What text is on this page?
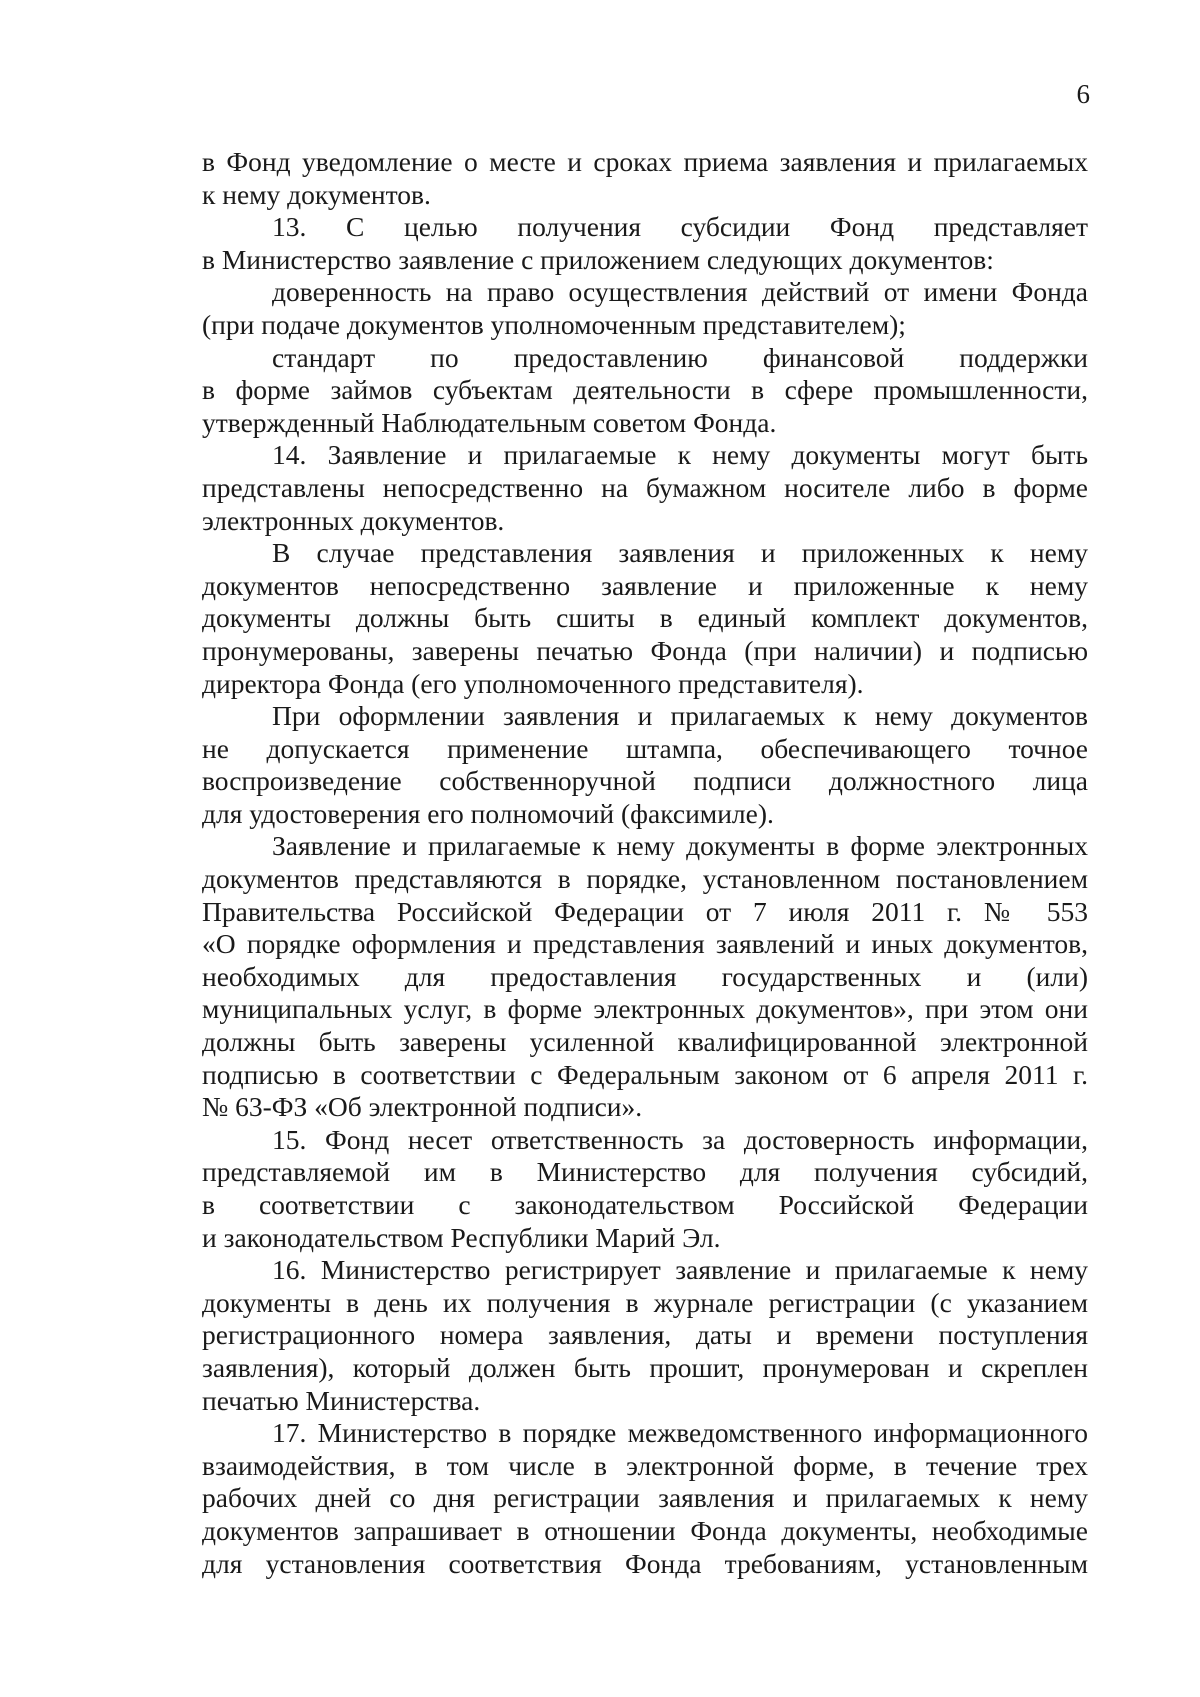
6
в Фонд уведомление о месте и сроках приема заявления и прилагаемых
к нему документов.
13. С целью получения субсидии Фонд представляет
в Министерство заявление с приложением следующих документов:
доверенность на право осуществления действий от имени Фонда
(при подаче документов уполномоченным представителем);
стандарт по предоставлению финансовой поддержки
в форме займов субъектам деятельности в сфере промышленности,
утвержденный Наблюдательным советом Фонда.
14. Заявление и прилагаемые к нему документы могут быть
представлены непосредственно на бумажном носителе либо в форме
электронных документов.
В случае представления заявления и приложенных к нему
документов непосредственно заявление и приложенные к нему
документы должны быть сшиты в единый комплект документов,
пронумерованы, заверены печатью Фонда (при наличии) и подписью
директора Фонда (его уполномоченного представителя).
При оформлении заявления и прилагаемых к нему документов
не допускается применение штампа, обеспечивающего точное
воспроизведение собственноручной подписи должностного лица
для удостоверения его полномочий (факсимиле).
Заявление и прилагаемые к нему документы в форме электронных
документов представляются в порядке, установленном постановлением
Правительства Российской Федерации от 7 июля 2011 г. № 553
«О порядке оформления и представления заявлений и иных документов,
необходимых для предоставления государственных и (или)
муниципальных услуг, в форме электронных документов», при этом они
должны быть заверены усиленной квалифицированной электронной
подписью в соответствии с Федеральным законом от 6 апреля 2011 г.
№ 63-ФЗ «Об электронной подписи».
15. Фонд несет ответственность за достоверность информации,
представляемой им в Министерство для получения субсидий,
в соответствии с законодательством Российской Федерации
и законодательством Республики Марий Эл.
16. Министерство регистрирует заявление и прилагаемые к нему
документы в день их получения в журнале регистрации (с указанием
регистрационного номера заявления, даты и времени поступления
заявления), который должен быть прошит, пронумерован и скреплен
печатью Министерства.
17. Министерство в порядке межведомственного информационного
взаимодействия, в том числе в электронной форме, в течение трех
рабочих дней со дня регистрации заявления и прилагаемых к нему
документов запрашивает в отношении Фонда документы, необходимые
для установления соответствия Фонда требованиям, установленным
